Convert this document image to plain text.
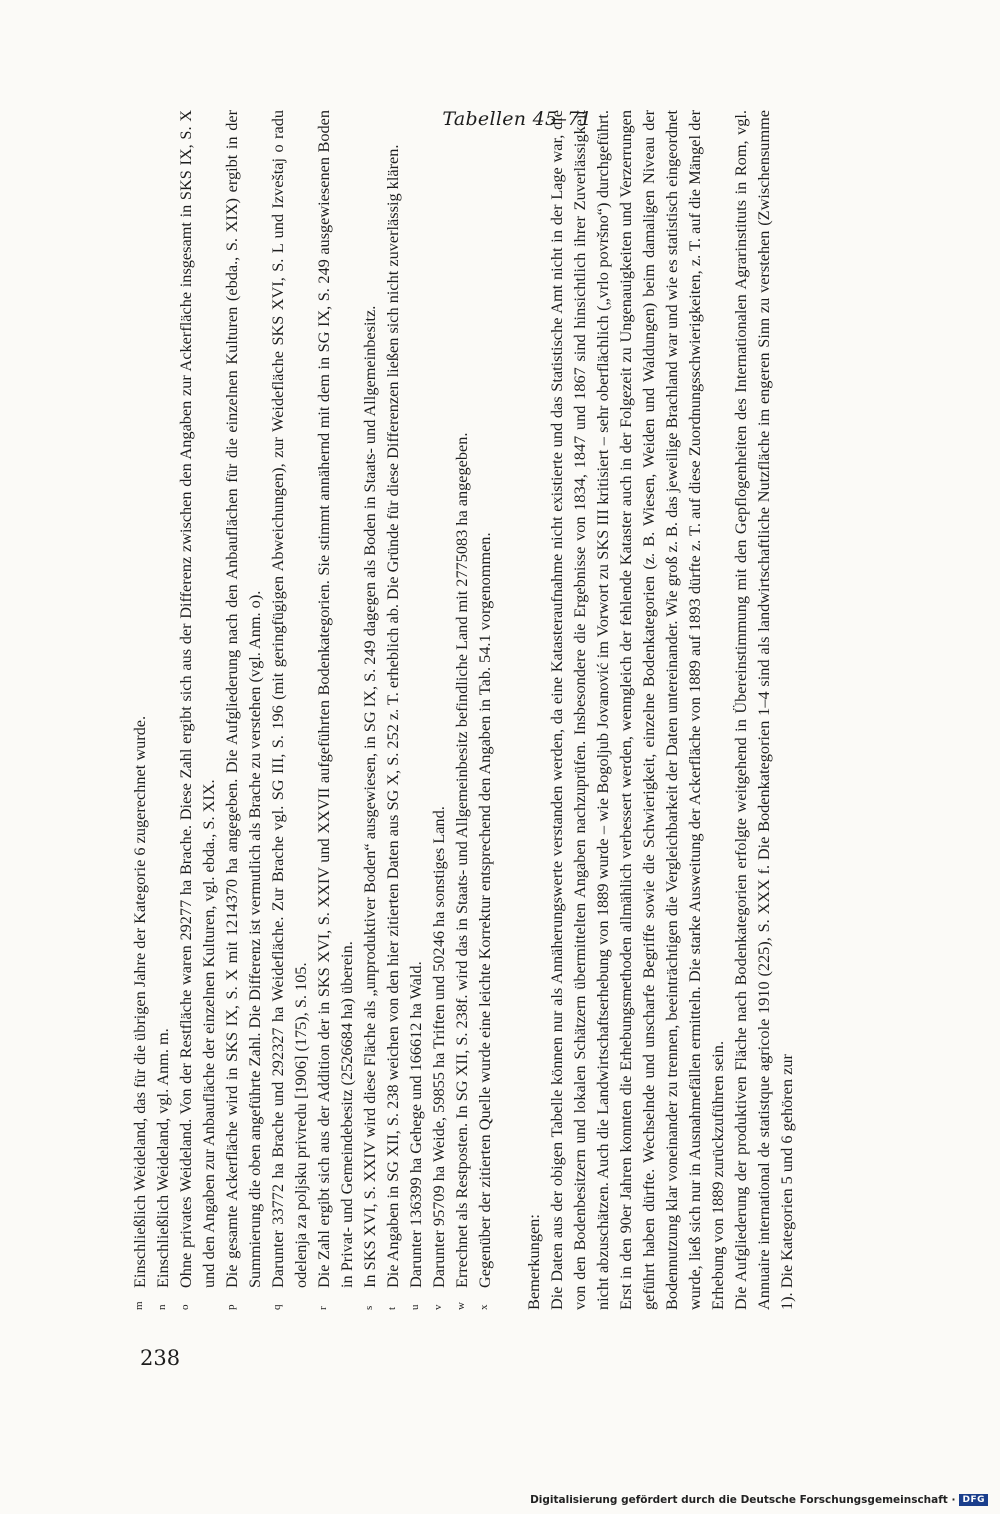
Tabellen 45–71
238
m
Einschließlich Weideland, das für die übrigen Jahre der Kategorie 6 zugerechnet wurde.
n
Einschließlich Weideland, vgl. Anm. m.
o
Ohne privates Weideland. Von der Restfläche waren 29277 ha Brache. Diese Zahl ergibt sich aus der Differenz zwischen den Angaben zur Ackerfläche insgesamt in SKS IX, S. X und den Angaben zur Anbaufläche der einzelnen Kulturen, vgl. ebda., S. XIX.
p
Die gesamte Ackerfläche wird in SKS IX, S. X mit 1214370 ha angegeben. Die Aufgliederung nach den Anbauflächen für die einzelnen Kulturen (ebda., S. XIX) ergibt in der Summierung die oben angeführte Zahl. Die Differenz ist vermutlich als Brache zu verstehen (vgl. Anm. o).
q
Darunter 33772 ha Brache und 292327 ha Weidefläche. Zur Brache vgl. SG III, S. 196 (mit geringfügigen Abweichungen), zur Weidefläche SKS XVI, S. L und Izveštaj o radu odelenja za poljsku privredu [1906] (175), S. 105.
r
Die Zahl ergibt sich aus der Addition der in SKS XVI, S. XXIV und XXVII aufgeführten Bodenkategorien. Sie stimmt annähernd mit dem in SG IX, S. 249 ausgewiesenen Boden in Privat- und Gemeindebesitz (2526684 ha) überein.
s
In SKS XVI, S. XXIV wird diese Fläche als „unproduktiver Boden“ ausgewiesen, in SG IX, S. 249 dagegen als Boden in Staats- und Allgemeinbesitz.
t
Die Angaben in SG XII, S. 238 weichen von den hier zitierten Daten aus SG X, S. 252 z. T. erheblich ab. Die Gründe für diese Differenzen ließen sich nicht zuverlässig klären.
u
Darunter 136399 ha Gehege und 166612 ha Wald.
v
Darunter 95709 ha Weide, 59855 ha Triften und 50246 ha sonstiges Land.
w
Errechnet als Restposten. In SG XII, S. 238f. wird das in Staats- und Allgemeinbesitz befindliche Land mit 2775083 ha angegeben.
x
Gegenüber der zitierten Quelle wurde eine leichte Korrektur entsprechend den Angaben in Tab. 54.1 vorgenommen. Bemerkungen: Die Daten aus der obigen Tabelle können nur als Annäherungswerte verstanden werden, da eine Katasteraufnahme nicht existierte und das Statistische Amt nicht in der Lage war, die von den Bodenbesitzern und lokalen Schätzern übermittelten Angaben nachzuprüfen. Insbesondere die Ergebnisse von 1834, 1847 und 1867 sind hinsichtlich ihrer Zuverlässigkeit nicht abzuschätzen. Auch die Landwirtschaftserhebung von 1889 wurde – wie Bogoljub Jovanović im Vorwort zu SKS III kritisiert – sehr oberflächlich („vrlo površno“) durchgeführt. Erst in den 90er Jahren konnten die Erhebungsmethoden allmählich verbessert werden, wenngleich der fehlende Kataster auch in der Folgezeit zu Ungenauigkeiten und Verzerrungen geführt haben dürfte. Wechselnde und unscharfe Begriffe sowie die Schwierigkeit, einzelne Bodenkategorien (z. B. Wiesen, Weiden und Waldungen) beim damaligen Niveau der Bodennutzung klar voneinander zu trennen, beeinträchtigen die Vergleichbarkeit der Daten untereinander. Wie groß z. B. das jeweilige Brachland war und wie es statistisch eingeordnet wurde, ließ sich nur in Ausnahmefällen ermitteln. Die starke Ausweitung der Ackerfläche von 1889 auf 1893 dürfte z. T. auf diese Zuordnungsschwierigkeiten, z. T. auf die Mängel der Erhebung von 1889 zurückzuführen sein. Die Aufgliederung der produktiven Fläche nach Bodenkategorien erfolgte weitgehend in Übereinstimmung mit den Gepflogenheiten des Internationalen Agrarinstituts in Rom, vgl. Annuaire international de statistque agricole 1910 (225), S. XXX f. Die Bodenkategorien 1–4 sind als landwirtschaftliche Nutzfläche im engeren Sinn zu verstehen (Zwischensumme 1). Die Kategorien 5 und 6 gehören zur
Digitalisierung gefördert durch die Deutsche Forschungsgemeinschaft · DFG
